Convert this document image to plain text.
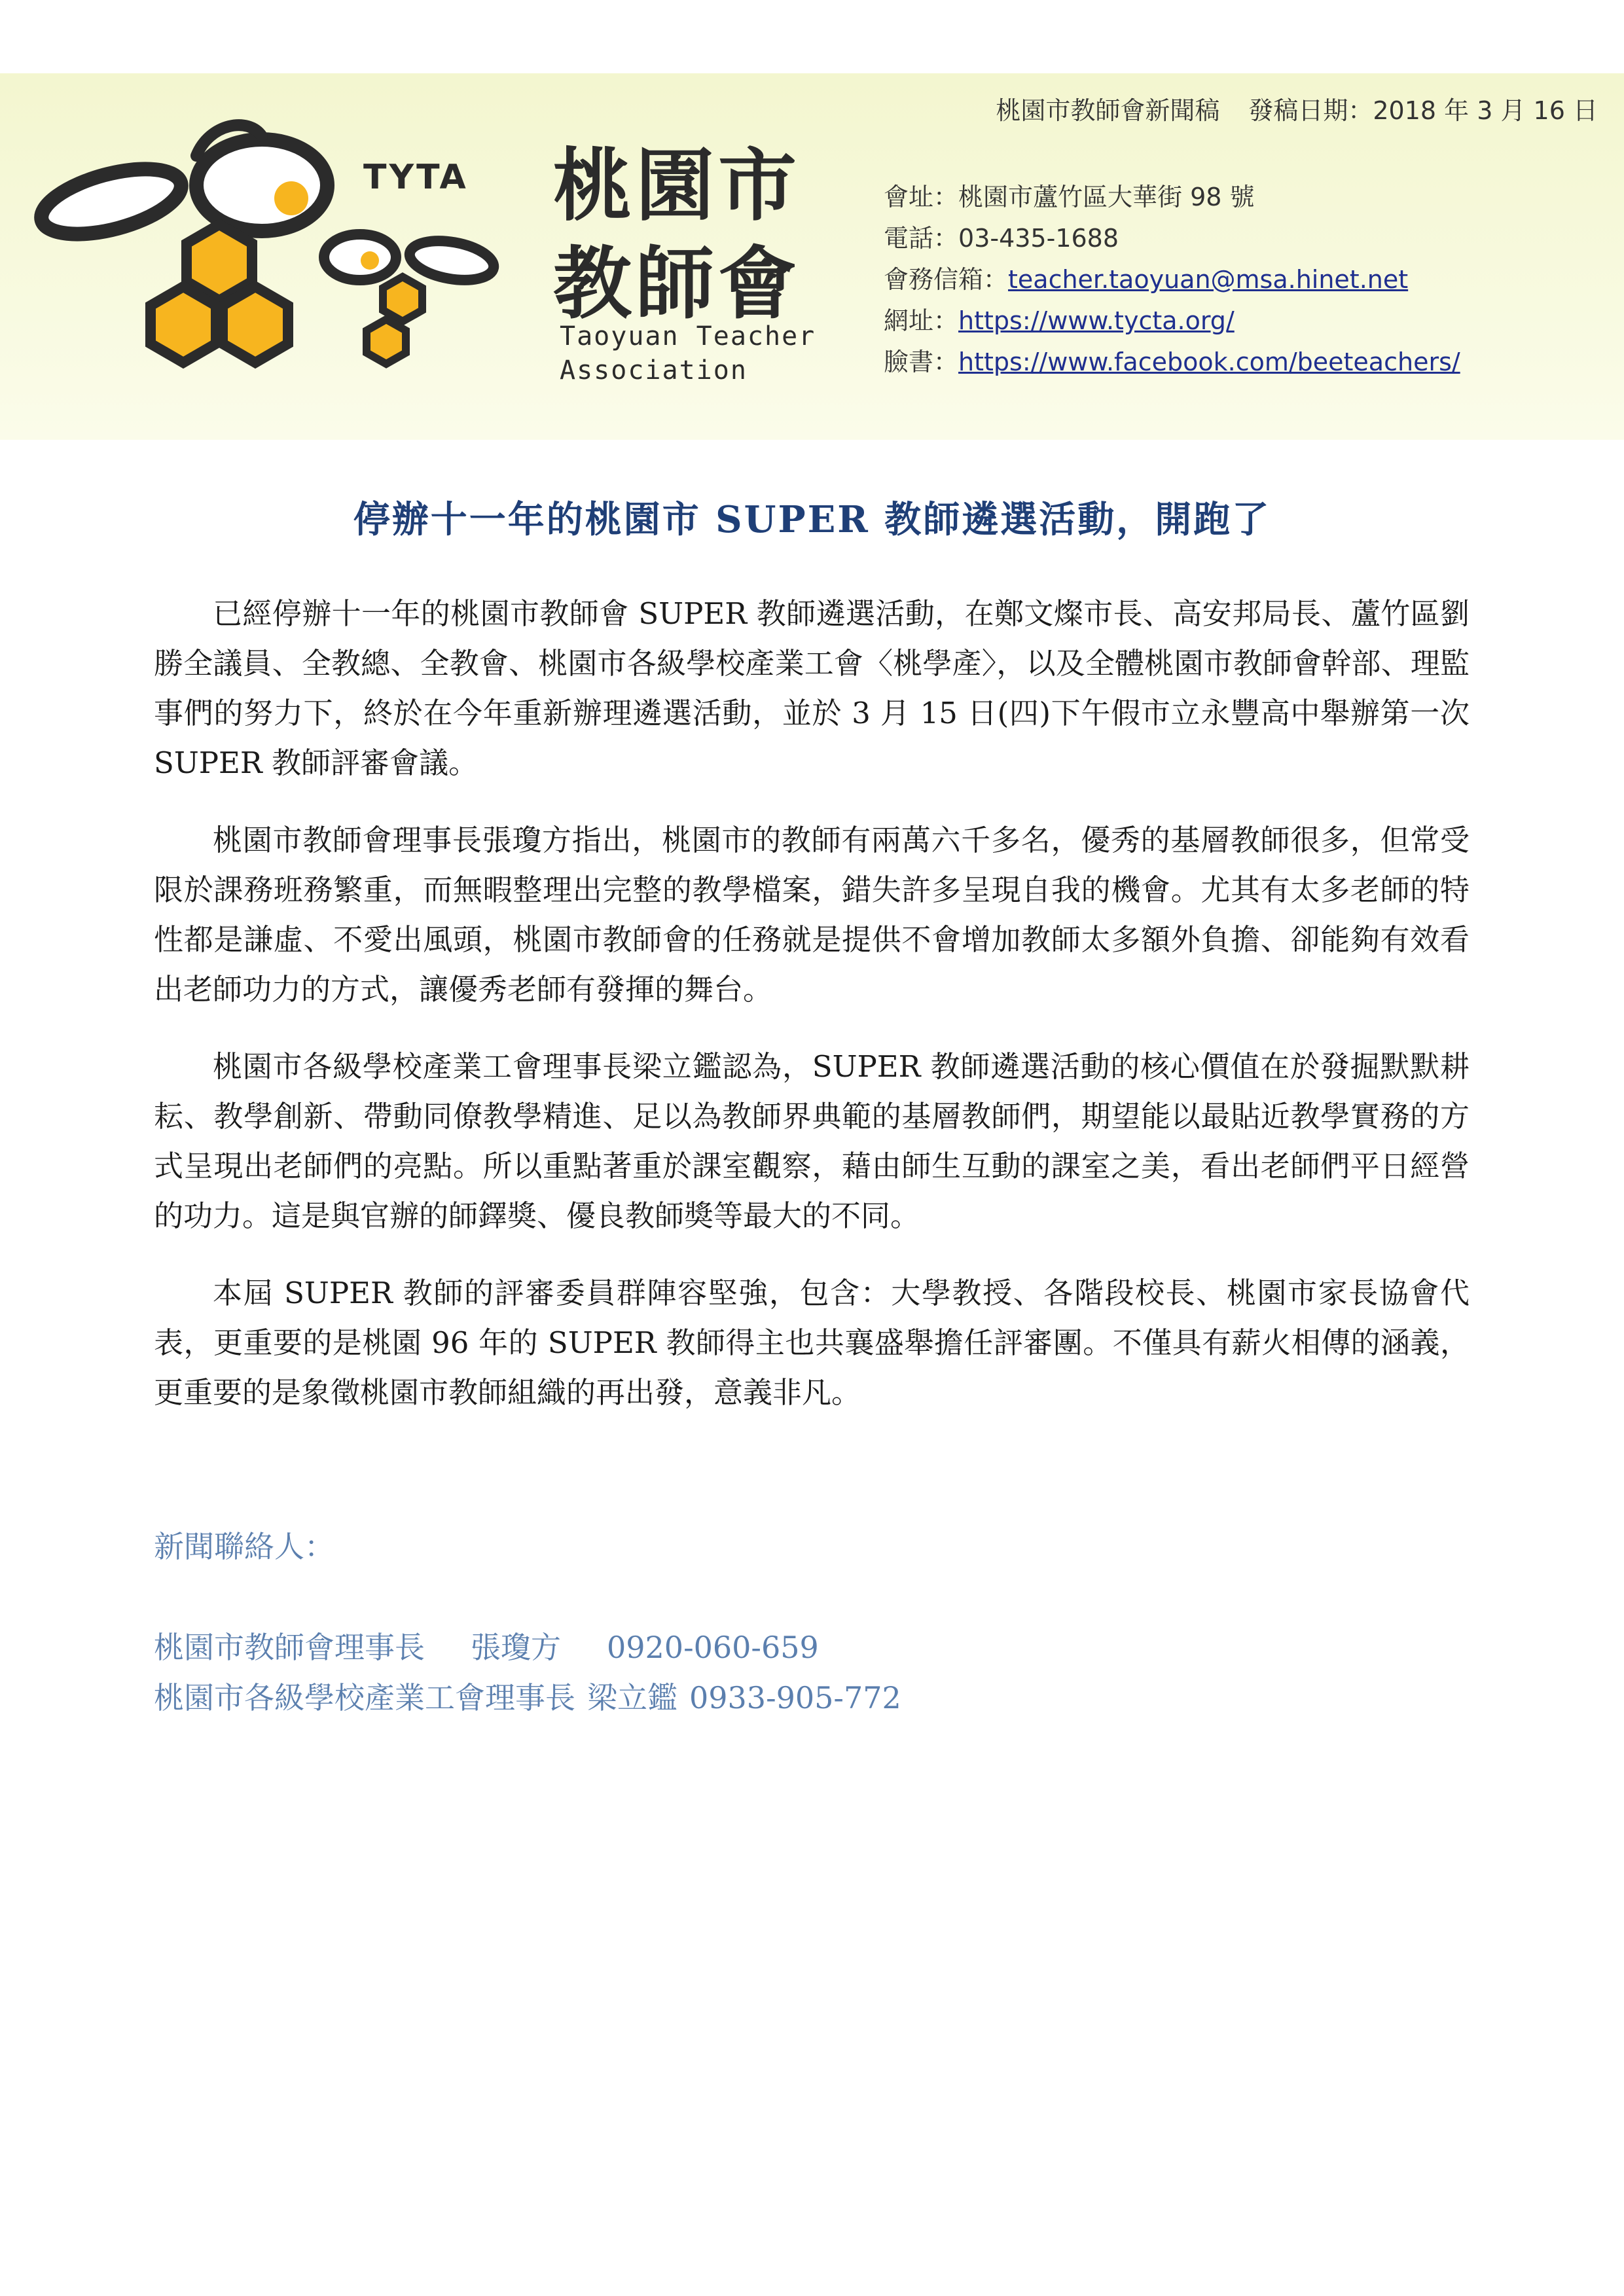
TYTA 桃園市
教師會
Taoyuan Teacher
Association
桃園市教師會新聞稿 發稿日期：2018 年 3 月 16 日
會址：桃園市蘆竹區大華街 98 號
電話：03-435-1688
會務信箱：teacher.taoyuan@msa.hinet.net
網址：https://www.tycta.org/
臉書：https://www.facebook.com/beeteachers/
停辦十一年的桃園市 SUPER 教師遴選活動，開跑了

已經停辦十一年的桃園市教師會 SUPER 教師遴選活動，在鄭文燦市長、高安邦局長、蘆竹區劉勝全議員、全教總、全教會、桃園市各級學校產業工會〈桃學產〉，以及全體桃園市教師會幹部、理監事們的努力下，終於在今年重新辦理遴選活動，並於 3 月 15 日(四)下午假市立永豐高中舉辦第一次 SUPER 教師評審會議。

桃園市教師會理事長張瓊方指出，桃園市的教師有兩萬六千多名，優秀的基層教師很多，但常受限於課務班務繁重，而無暇整理出完整的教學檔案，錯失許多呈現自我的機會。尤其有太多老師的特性都是謙虛、不愛出風頭，桃園市教師會的任務就是提供不會增加教師太多額外負擔、卻能夠有效看出老師功力的方式，讓優秀老師有發揮的舞台。

桃園市各級學校產業工會理事長梁立鑑認為，SUPER 教師遴選活動的核心價值在於發掘默默耕耘、教學創新、帶動同僚教學精進、足以為教師界典範的基層教師們，期望能以最貼近教學實務的方式呈現出老師們的亮點。所以重點著重於課室觀察，藉由師生互動的課室之美，看出老師們平日經營的功力。這是與官辦的師鐸獎、優良教師獎等最大的不同。

本屆 SUPER 教師的評審委員群陣容堅強，包含：大學教授、各階段校長、桃園市家長協會代表，更重要的是桃園 96 年的 SUPER 教師得主也共襄盛舉擔任評審團。不僅具有薪火相傳的涵義，更重要的是象徵桃園市教師組織的再出發，意義非凡。

新聞聯絡人：
桃園市教師會理事長 張瓊方 0920-060-659
桃園市各級學校產業工會理事長 梁立鑑 0933-905-772
